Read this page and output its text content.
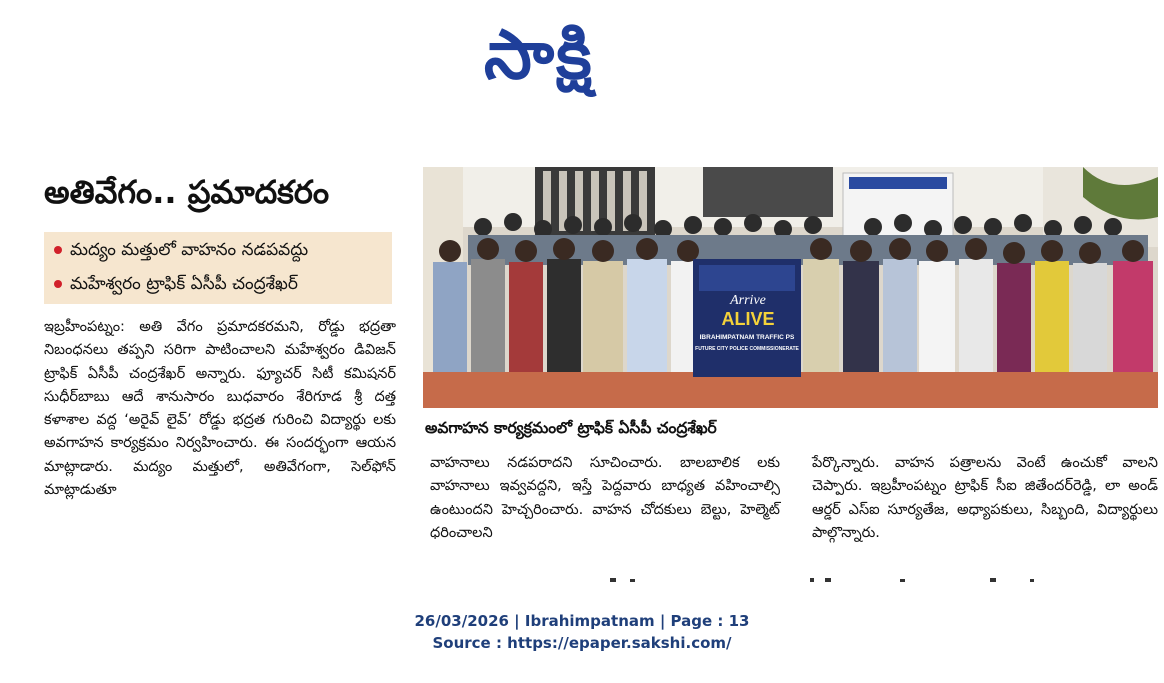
సాక్షి
అతివేగం.. ప్రమాదకరం
మద్యం మత్తులో వాహనం నడపవద్దు
మహేశ్వరం ట్రాఫిక్ ఏసీపీ చంద్రశేఖర్

ఇబ్రహీంపట్నం: అతి వేగం ప్రమాదకరమని, రోడ్డు భద్రతా నిబంధనలు తప్పని సరిగా పాటించాలని మహేశ్వరం డివిజన్ ట్రాఫిక్ ఏసీపీ చంద్రశేఖర్ అన్నారు. ఫ్యూచర్ సిటీ కమిషనర్ సుధీర్‌బాబు ఆదే శానుసారం బుధవారం శేరిగూడ శ్రీ దత్త కళాశాల వద్ద ‘అరైవ్ లైవ్’ రోడ్డు భద్రత గురించి విద్యార్థు లకు అవగాహన కార్యక్రమం నిర్వహించారు. ఈ సందర్భంగా ఆయన మాట్లాడారు. మద్యం మత్తులో, అతివేగంగా, సెల్‌ఫోన్ మాట్లాడుతూ

Arrive
ALIVE
IBRAHIMPATNAM TRAFFIC PS
FUTURE CITY POLICE COMMISSIONERATE
అవగాహన కార్యక్రమంలో ట్రాఫిక్ ఏసీపీ చంద్రశేఖర్

వాహనాలు నడపరాదని సూచించారు. బాలబాలిక లకు వాహనాలు ఇవ్వవద్దని, ఇస్తే పెద్దవారు బాధ్యత వహించాల్సి ఉంటుందని హెచ్చరించారు. వాహన చోదకులు బెల్టు, హెల్మెట్ ధరించాలని

పేర్కొన్నారు. వాహన పత్రాలను వెంటే ఉంచుకో వాలని చెప్పారు. ఇబ్రహీంపట్నం ట్రాఫిక్ సీఐ జితేందర్‌రెడ్డి, లా అండ్ ఆర్డర్ ఎస్ఐ సూర్యతేజ, అధ్యాపకులు, సిబ్బంది, విద్యార్థులు పాల్గొన్నారు.

26/03/2026 | Ibrahimpatnam | Page : 13
Source : https://epaper.sakshi.com/
